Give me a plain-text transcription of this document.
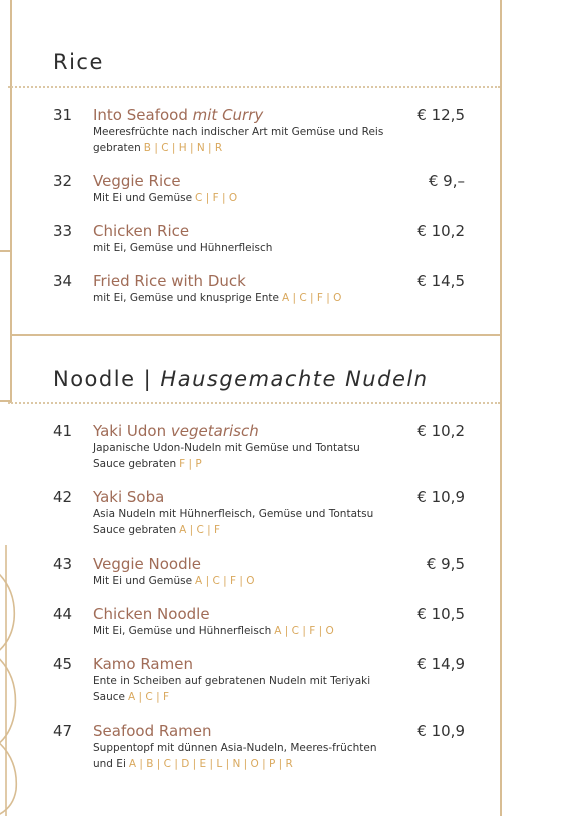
Rice
31 Into Seafood mit Curry	€ 12,5
Meeresfrüchte nach indischer Art mit Gemüse und Reis gebraten B | C | H | N | R
32 Veggie Rice	€ 9,–
Mit Ei und Gemüse C | F | O
33 Chicken Rice	€ 10,2
mit Ei, Gemüse und Hühnerfleisch
34 Fried Rice with Duck	€ 14,5
mit Ei, Gemüse und knusprige Ente A | C | F | O
Noodle | Hausgemachte Nudeln
41 Yaki Udon vegetarisch	€ 10,2
Japanische Udon-Nudeln mit Gemüse und Tontatsu Sauce gebraten F | P
42 Yaki Soba	€ 10,9
Asia Nudeln mit Hühnerfleisch, Gemüse und Tontatsu Sauce gebraten A | C | F
43 Veggie Noodle	€ 9,5
Mit Ei und Gemüse A | C | F | O
44 Chicken Noodle	€ 10,5
Mit Ei, Gemüse und Hühnerfleisch A | C | F | O
45 Kamo Ramen	€ 14,9
Ente in Scheiben auf gebratenen Nudeln mit Teriyaki Sauce A | C | F
47 Seafood Ramen	€ 10,9
Suppentopf mit dünnen Asia-Nudeln, Meeres-früchten und Ei A | B | C | D | E | L | N | O | P | R
